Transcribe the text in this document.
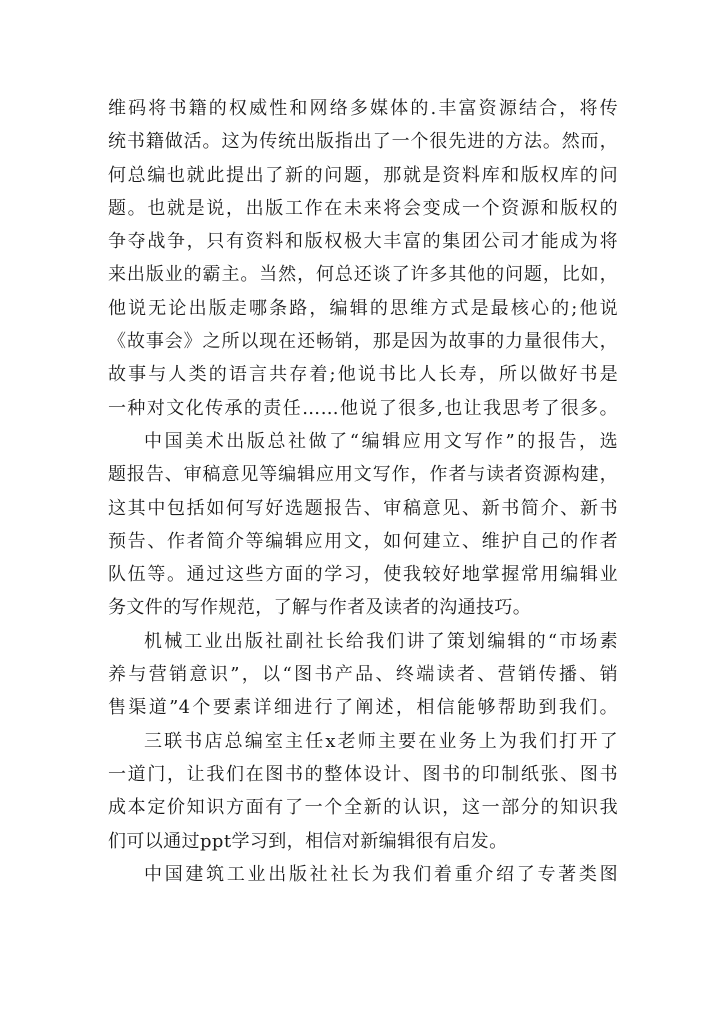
维码将书籍的权威性和网络多媒体的.丰富资源结合，将传
统书籍做活。这为传统出版指出了一个很先进的方法。然而，
何总编也就此提出了新的问题，那就是资料库和版权库的问
题。也就是说，出版工作在未来将会变成一个资源和版权的
争夺战争，只有资料和版权极大丰富的集团公司才能成为将
来出版业的霸主。当然，何总还谈了许多其他的问题，比如，
他说无论出版走哪条路，编辑的思维方式是最核心的;他说
《故事会》之所以现在还畅销，那是因为故事的力量很伟大，
故事与人类的语言共存着;他说书比人长寿，所以做好书是
一种对文化传承的责任……他说了很多,也让我思考了很多。
中国美术出版总社做了“编辑应用文写作”的报告，选
题报告、审稿意见等编辑应用文写作，作者与读者资源构建，
这其中包括如何写好选题报告、审稿意见、新书简介、新书
预告、作者简介等编辑应用文，如何建立、维护自己的作者
队伍等。通过这些方面的学习，使我较好地掌握常用编辑业
务文件的写作规范，了解与作者及读者的沟通技巧。
机械工业出版社副社长给我们讲了策划编辑的“市场素
养与营销意识”，以“图书产品、终端读者、营销传播、销
售渠道”4个要素详细进行了阐述，相信能够帮助到我们。
三联书店总编室主任x老师主要在业务上为我们打开了
一道门，让我们在图书的整体设计、图书的印制纸张、图书
成本定价知识方面有了一个全新的认识，这一部分的知识我
们可以通过ppt学习到，相信对新编辑很有启发。
中国建筑工业出版社社长为我们着重介绍了专著类图
